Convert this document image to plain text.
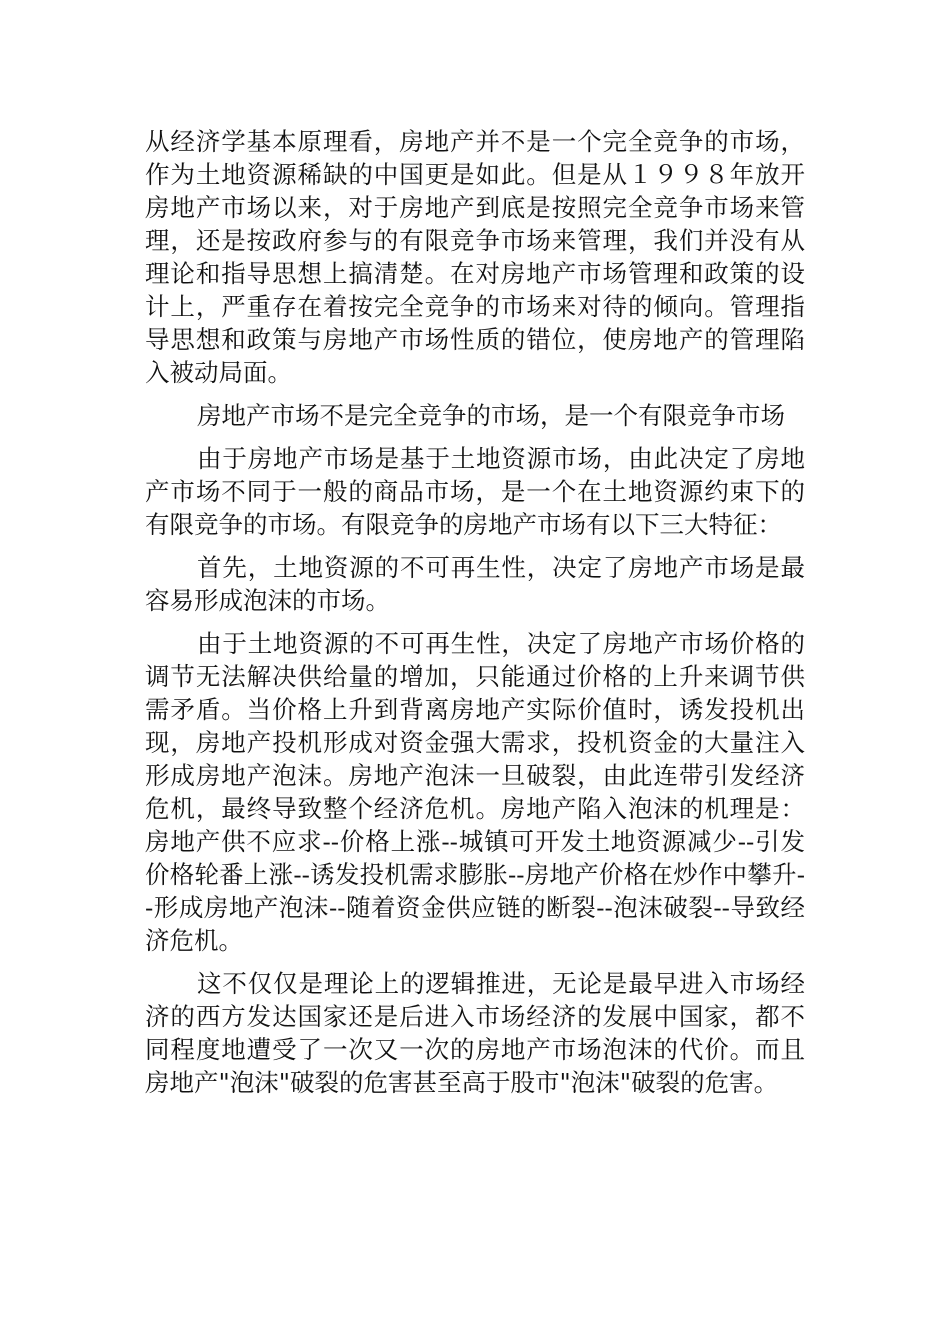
从经济学基本原理看，房地产并不是一个完全竞争的市场，作为土地资源稀缺的中国更是如此。但是从１９９８年放开房地产市场以来，对于房地产到底是按照完全竞争市场来管理，还是按政府参与的有限竞争市场来管理，我们并没有从理论和指导思想上搞清楚。在对房地产市场管理和政策的设计上，严重存在着按完全竞争的市场来对待的倾向。管理指导思想和政策与房地产市场性质的错位，使房地产的管理陷入被动局面。

房地产市场不是完全竞争的市场，是一个有限竞争市场

由于房地产市场是基于土地资源市场，由此决定了房地产市场不同于一般的商品市场，是一个在土地资源约束下的有限竞争的市场。有限竞争的房地产市场有以下三大特征：

首先，土地资源的不可再生性，决定了房地产市场是最容易形成泡沫的市场。

由于土地资源的不可再生性，决定了房地产市场价格的调节无法解决供给量的增加，只能通过价格的上升来调节供需矛盾。当价格上升到背离房地产实际价值时，诱发投机出现，房地产投机形成对资金强大需求，投机资金的大量注入形成房地产泡沫。房地产泡沫一旦破裂，由此连带引发经济危机，最终导致整个经济危机。房地产陷入泡沫的机理是：房地产供不应求--价格上涨--城镇可开发土地资源减少--引发价格轮番上涨--诱发投机需求膨胀--房地产价格在炒作中攀升--形成房地产泡沫--随着资金供应链的断裂--泡沫破裂--导致经济危机。

这不仅仅是理论上的逻辑推进，无论是最早进入市场经济的西方发达国家还是后进入市场经济的发展中国家，都不同程度地遭受了一次又一次的房地产市场泡沫的代价。而且房地产"泡沫"破裂的危害甚至高于股市"泡沫"破裂的危害。
